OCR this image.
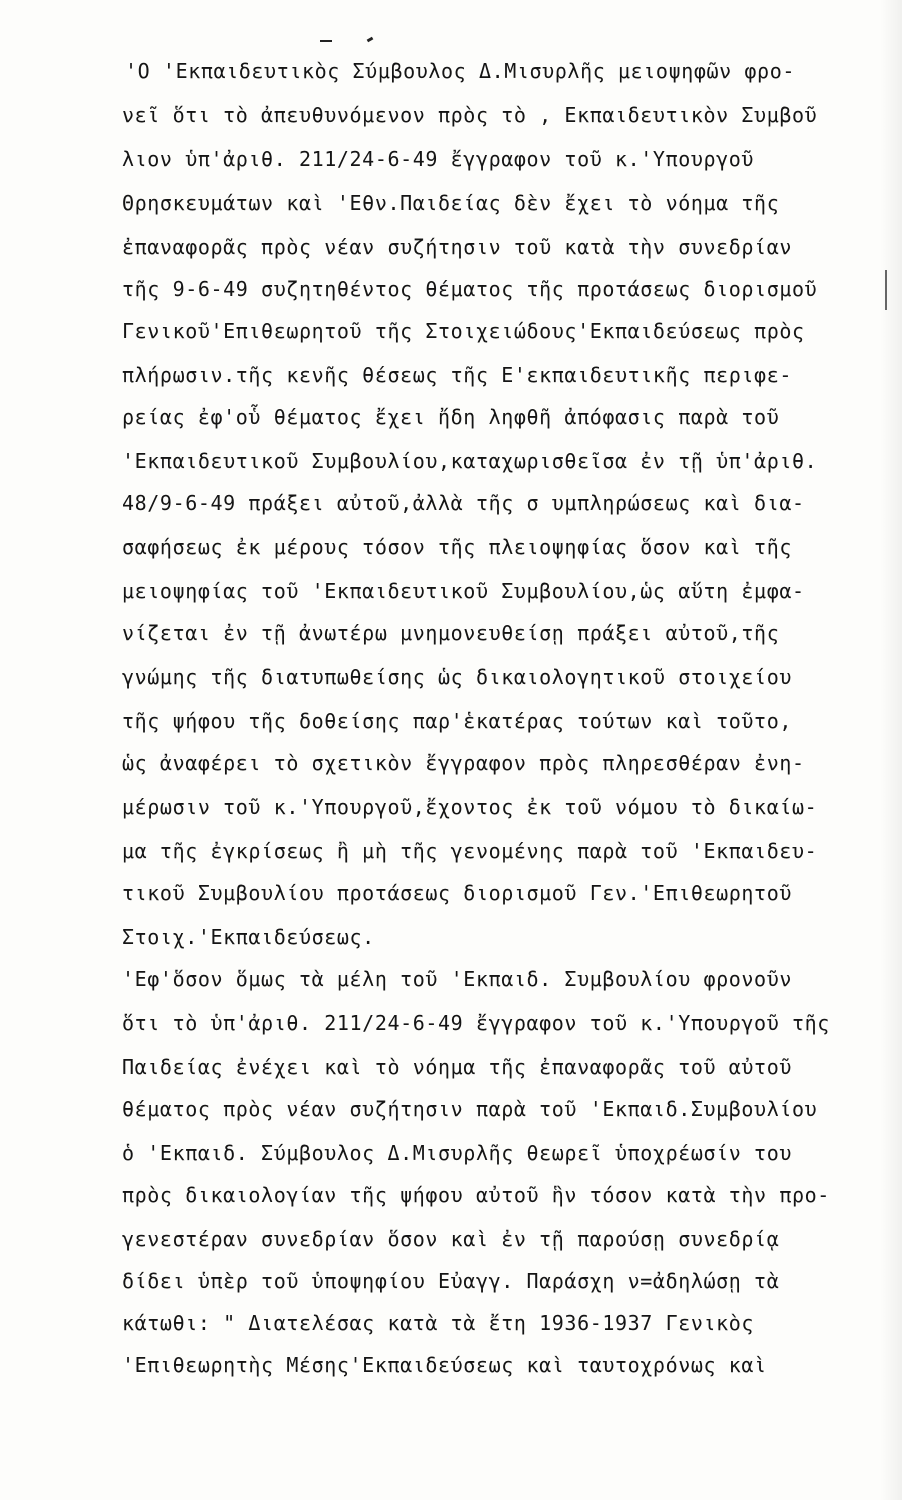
'Ο 'Εκπαιδευτικὸς Σύμβουλος Δ.Μισυρλῆς μειοψηφῶν φρο-
νεῖ ὅτι τὸ ἀπευθυνόμενον πρὸς τὸ , Εκπαιδευτικὸν Συμβοῦ
λιον ὑπ'ἀριθ. 211/24-6-49 ἔγγραφον τοῦ κ.'Υπουργοῦ
Θρησκευμάτων καὶ 'Εθν.Παιδείας δὲν ἔχει τὸ νόημα τῆς
ἐπαναφορᾶς πρὸς νέαν συζήτησιν τοῦ κατὰ τὴν συνεδρίαν
τῆς 9-6-49 συζητηθέντος θέματος τῆς προτάσεως διορισμοῦ
Γενικοῦ'Επιθεωρητοῦ τῆς Στοιχειώδους'Εκπαιδεύσεως πρὸς
πλήρωσιν.τῆς κενῆς θέσεως τῆς Ε'εκπαιδευτικῆς περιφε-
ρείας ἐφ'οὗ θέματος ἔχει ἤδη ληφθῆ ἀπόφασις παρὰ τοῦ
'Εκπαιδευτικοῦ Συμβουλίου,καταχωρισθεῖσα ἐν τῇ ὑπ'ἀριθ.
48/9-6-49 πράξει αὐτοῦ,ἀλλὰ τῆς σ υμπληρώσεως καὶ δια-
σαφήσεως ἐκ μέρους τόσον τῆς πλειοψηφίας ὅσον καὶ τῆς
μειοψηφίας τοῦ 'Εκπαιδευτικοῦ Συμβουλίου,ὡς αὕτη ἐμφα-
νίζεται ἐν τῇ ἀνωτέρω μνημονευθείσῃ πράξει αὐτοῦ,τῆς
γνώμης τῆς διατυπωθείσης ὡς δικαιολογητικοῦ στοιχείου
τῆς ψήφου τῆς δοθείσης παρ'ἑκατέρας τούτων καὶ τοῦτο,
ὡς ἀναφέρει τὸ σχετικὸν ἔγγραφον πρὸς πληρεσθέραν ἐνη-
μέρωσιν τοῦ κ.'Υπουργοῦ,ἔχοντος ἐκ τοῦ νόμου τὸ δικαίω-
μα τῆς ἐγκρίσεως ἢ μὴ τῆς γενομένης παρὰ τοῦ 'Εκπαιδευ-
τικοῦ Συμβουλίου προτάσεως διορισμοῦ Γεν.'Επιθεωρητοῦ
Στοιχ.'Εκπαιδεύσεως.
'Εφ'ὅσον ὅμως τὰ μέλη τοῦ 'Εκπαιδ. Συμβουλίου φρονοῦν
ὅτι τὸ ὑπ'ἀριθ. 211/24-6-49 ἔγγραφον τοῦ κ.'Υπουργοῦ τῆς
Παιδείας ἐνέχει καὶ τὸ νόημα τῆς ἐπαναφορᾶς τοῦ αὐτοῦ
θέματος πρὸς νέαν συζήτησιν παρὰ τοῦ 'Εκπαιδ.Συμβουλίου
ὁ 'Εκπαιδ. Σύμβουλος Δ.Μισυρλῆς θεωρεῖ ὑποχρέωσίν του
πρὸς δικαιολογίαν τῆς ψήφου αὐτοῦ ἣν τόσον κατὰ τὴν προ-
γενεστέραν συνεδρίαν ὅσον καὶ ἐν τῇ παρούσῃ συνεδρίᾳ
δίδει ὑπὲρ τοῦ ὑποψηφίου Εὐαγγ. Παράσχη ν=ἀδηλώσῃ τὰ
κάτωθι: " Διατελέσας κατὰ τὰ ἔτη 1936-1937 Γενικὸς
'Επιθεωρητὴς Μέσης'Εκπαιδεύσεως καὶ ταυτοχρόνως καὶ
